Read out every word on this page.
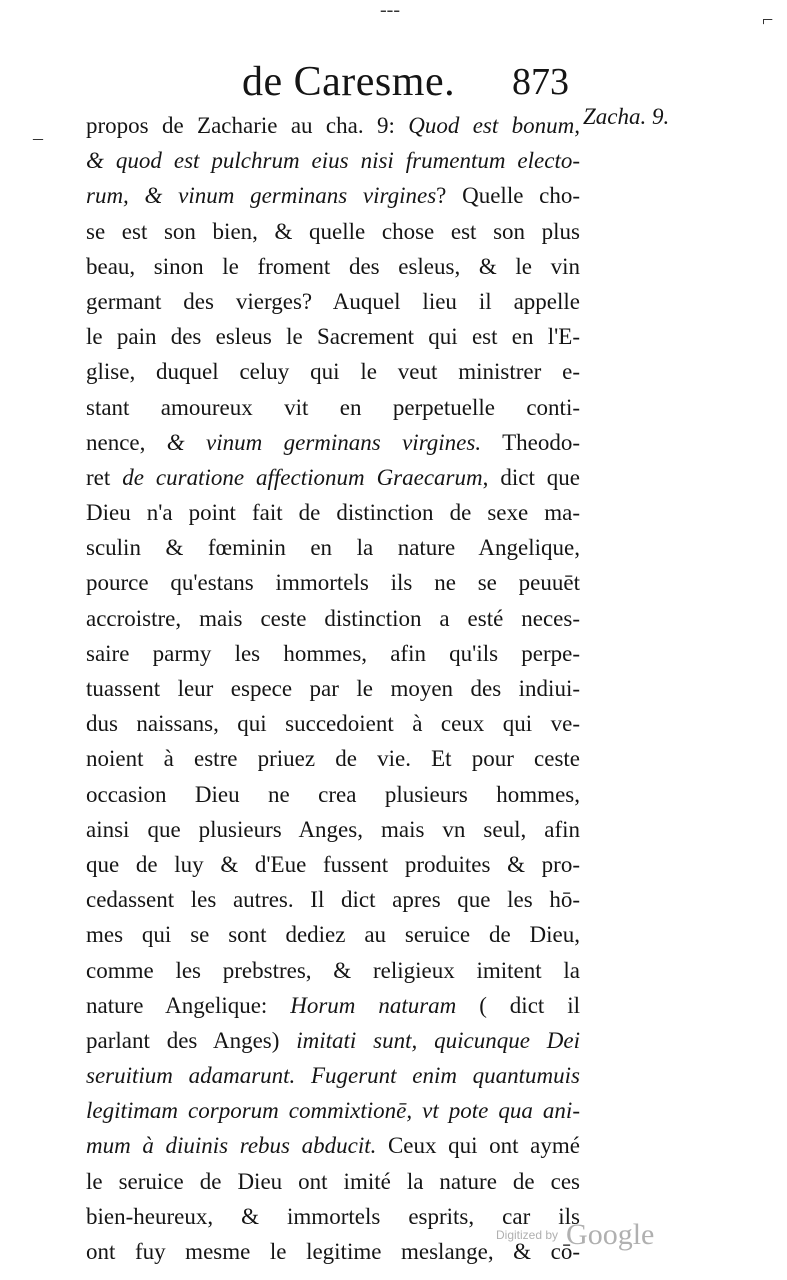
de Caresme. 873
Zacha. 9.
–
⌐
‐‐‐
propos de Zacharie au cha. 9: Quod est bonum,
& quod est pulchrum eius nisi frumentum electo-
rum, & vinum germinans virgines? Quelle cho-
se est son bien, & quelle chose est son plus
beau, sinon le froment des esleus, & le vin
germant des vierges? Auquel lieu il appelle
le pain des esleus le Sacrement qui est en l'E-
glise, duquel celuy qui le veut ministrer e-
stant amoureux vit en perpetuelle conti-
nence, & vinum germinans virgines. Theodo-
ret de curatione affectionum Graecarum, dict que
Dieu n'a point fait de distinction de sexe ma-
sculin & fœminin en la nature Angelique,
pource qu'estans immortels ils ne se peuuēt
accroistre, mais ceste distinction a esté neces-
saire parmy les hommes, afin qu'ils perpe-
tuassent leur espece par le moyen des indiui-
dus naissans, qui succedoient à ceux qui ve-
noient à estre priuez de vie. Et pour ceste
occasion Dieu ne crea plusieurs hommes,
ainsi que plusieurs Anges, mais vn seul, afin
que de luy & d'Eue fussent produites & pro-
cedassent les autres. Il dict apres que les hō-
mes qui se sont dediez au seruice de Dieu,
comme les prebstres, & religieux imitent la
nature Angelique: Horum naturam ( dict il
parlant des Anges) imitati sunt, quicunque Dei
seruitium adamarunt. Fugerunt enim quantumuis
legitimam corporum commixtionē, vt pote qua ani-
mum à diuinis rebus abducit. Ceux qui ont aymé
le seruice de Dieu ont imité la nature de ces
bien-heureux, & immortels esprits, car ils
ont fuy mesme le legitime meslange, & cō-
Digitized by Google
